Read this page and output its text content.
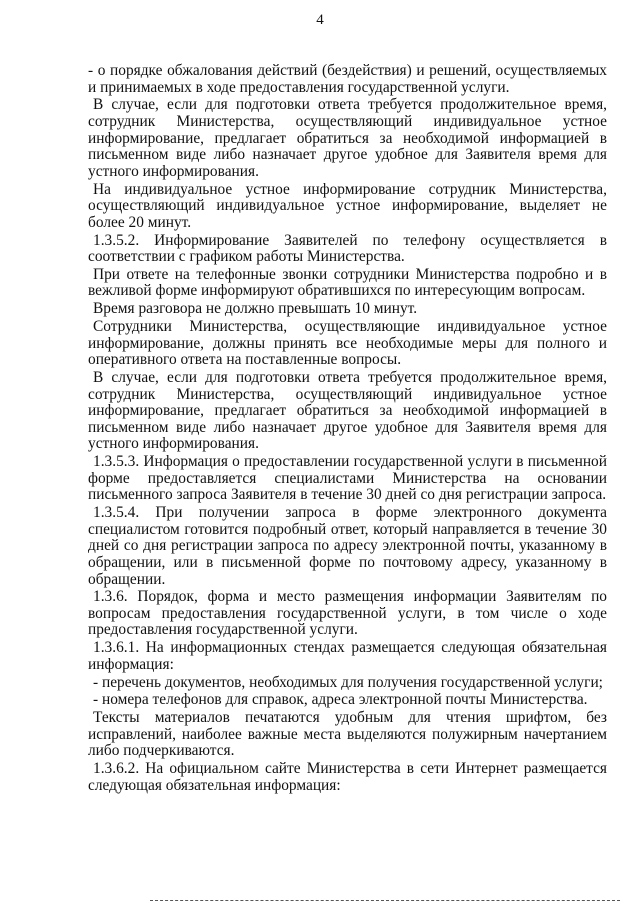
4

- о порядке обжалования действий (бездействия) и решений, осуществляемых и принимаемых в ходе предоставления государственной услуги.

В случае, если для подготовки ответа требуется продолжительное время, сотрудник Министерства, осуществляющий индивидуальное устное информирование, предлагает обратиться за необходимой информацией в письменном виде либо назначает другое удобное для Заявителя время для устного информирования.

На индивидуальное устное информирование сотрудник Министерства, осуществляющий индивидуальное устное информирование, выделяет не более 20 минут.

1.3.5.2. Информирование Заявителей по телефону осуществляется в соответствии с графиком работы Министерства.

При ответе на телефонные звонки сотрудники Министерства подробно и в вежливой форме информируют обратившихся по интересующим вопросам.

Время разговора не должно превышать 10 минут.

Сотрудники Министерства, осуществляющие индивидуальное устное информирование, должны принять все необходимые меры для полного и оперативного ответа на поставленные вопросы.

В случае, если для подготовки ответа требуется продолжительное время, сотрудник Министерства, осуществляющий индивидуальное устное информирование, предлагает обратиться за необходимой информацией в письменном виде либо назначает другое удобное для Заявителя время для устного информирования.

1.3.5.3. Информация о предоставлении государственной услуги в письменной форме предоставляется специалистами Министерства на основании письменного запроса Заявителя в течение 30 дней со дня регистрации запроса.

1.3.5.4. При получении запроса в форме электронного документа специалистом готовится подробный ответ, который направляется в течение 30 дней со дня регистрации запроса по адресу электронной почты, указанному в обращении, или в письменной форме по почтовому адресу, указанному в обращении.

1.3.6. Порядок, форма и место размещения информации Заявителям по вопросам предоставления государственной услуги, в том числе о ходе предоставления государственной услуги.

1.3.6.1. На информационных стендах размещается следующая обязательная информация:

- перечень документов, необходимых для получения государственной услуги;

- номера телефонов для справок, адреса электронной почты Министерства.

Тексты материалов печатаются удобным для чтения шрифтом, без исправлений, наиболее важные места выделяются полужирным начертанием либо подчеркиваются.

1.3.6.2. На официальном сайте Министерства в сети Интернет размещается следующая обязательная информация:
